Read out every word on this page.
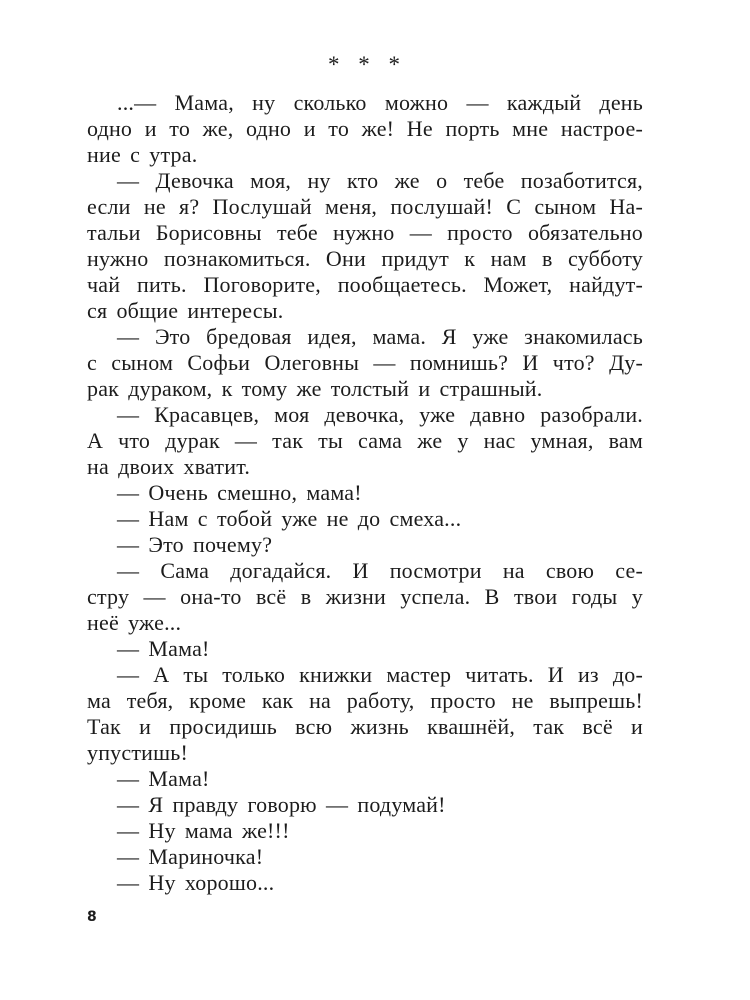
* * *
...— Мама, ну сколько можно — каждый день
одно и то же, одно и то же! Не порть мне настрое-
ние с утра.
— Девочка моя, ну кто же о тебе позаботится,
если не я? Послушай меня, послушай! С сыном На-
тальи Борисовны тебе нужно — просто обязательно
нужно познакомиться. Они придут к нам в субботу
чай пить. Поговорите, пообщаетесь. Может, найдут-
ся общие интересы.
— Это бредовая идея, мама. Я уже знакомилась
с сыном Софьи Олеговны — помнишь? И что? Ду-
рак дураком, к тому же толстый и страшный.
— Красавцев, моя девочка, уже давно разобрали.
А что дурак — так ты сама же у нас умная, вам
на двоих хватит.
— Очень смешно, мама!
— Нам с тобой уже не до смеха...
— Это почему?
— Сама догадайся. И посмотри на свою се-
стру — она-то всё в жизни успела. В твои годы у
неё уже...
— Мама!
— А ты только книжки мастер читать. И из до-
ма тебя, кроме как на работу, просто не выпрешь!
Так и просидишь всю жизнь квашнёй, так всё и
упустишь!
— Мама!
— Я правду говорю — подумай!
— Ну мама же!!!
— Мариночка!
— Ну хорошо...
8
